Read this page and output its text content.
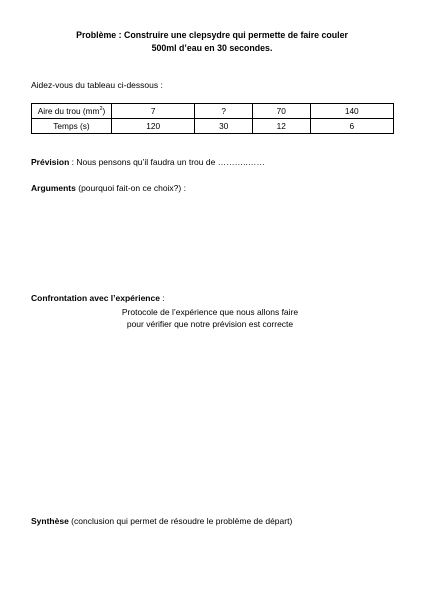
Problème : Construire une clepsydre qui permette de faire couler
500ml d’eau en 30 secondes.
Aidez-vous du tableau ci-dessous :
Aire du trou $(mm^2)$	7	?	70	140
Temps (s)	120	30	12	6
Prévision : Nous pensons qu’il faudra un trou de ………..……
Arguments (pourquoi fait-on ce choix?) :
Confrontation avec l’expérience :
Protocole de l’expérience que nous allons faire
pour vérifier que notre prévision est correcte
Synthèse (conclusion qui permet de résoudre le problème de départ)
